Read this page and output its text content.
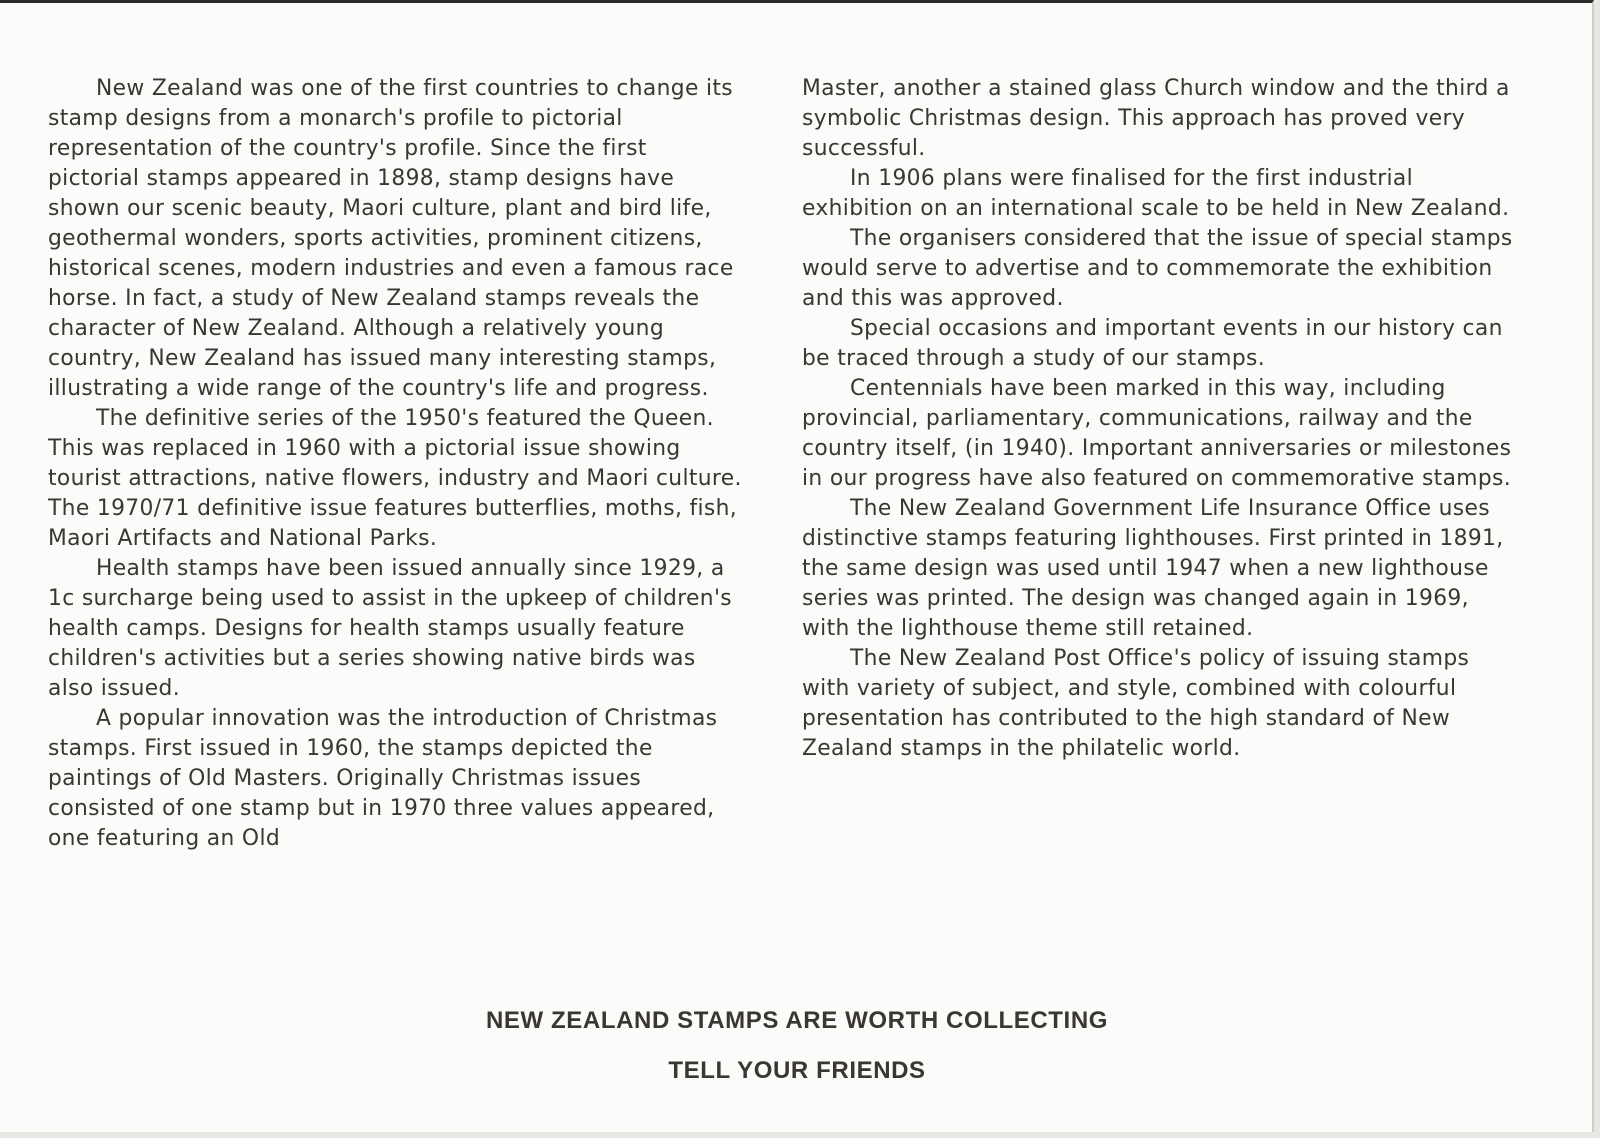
New Zealand was one of the first countries to change its stamp designs from a monarch's profile to pictorial representation of the country's profile. Since the first pictorial stamps appeared in 1898, stamp designs have shown our scenic beauty, Maori culture, plant and bird life, geothermal wonders, sports activities, prominent citizens, historical scenes, modern industries and even a famous race horse. In fact, a study of New Zealand stamps reveals the character of New Zealand. Although a relatively young country, New Zealand has issued many interesting stamps, illustrating a wide range of the country's life and progress.

The definitive series of the 1950's featured the Queen. This was replaced in 1960 with a pictorial issue showing tourist attractions, native flowers, industry and Maori culture. The 1970/71 definitive issue features butterflies, moths, fish, Maori Artifacts and National Parks.

Health stamps have been issued annually since 1929, a 1c surcharge being used to assist in the upkeep of children's health camps. Designs for health stamps usually feature children's activities but a series showing native birds was also issued.

A popular innovation was the introduction of Christmas stamps. First issued in 1960, the stamps depicted the paintings of Old Masters. Originally Christmas issues consisted of one stamp but in 1970 three values appeared, one featuring an Old

Master, another a stained glass Church window and the third a symbolic Christmas design. This approach has proved very successful.

In 1906 plans were finalised for the first industrial exhibition on an international scale to be held in New Zealand.

The organisers considered that the issue of special stamps would serve to advertise and to commemorate the exhibition and this was approved.

Special occasions and important events in our history can be traced through a study of our stamps.

Centennials have been marked in this way, including provincial, parliamentary, communications, railway and the country itself, (in 1940). Important anniversaries or milestones in our progress have also featured on commemorative stamps.

The New Zealand Government Life Insurance Office uses distinctive stamps featuring lighthouses. First printed in 1891, the same design was used until 1947 when a new lighthouse series was printed. The design was changed again in 1969, with the lighthouse theme still retained.

The New Zealand Post Office's policy of issuing stamps with variety of subject, and style, combined with colourful presentation has contributed to the high standard of New Zealand stamps in the philatelic world.

NEW ZEALAND STAMPS ARE WORTH COLLECTING
TELL YOUR FRIENDS
